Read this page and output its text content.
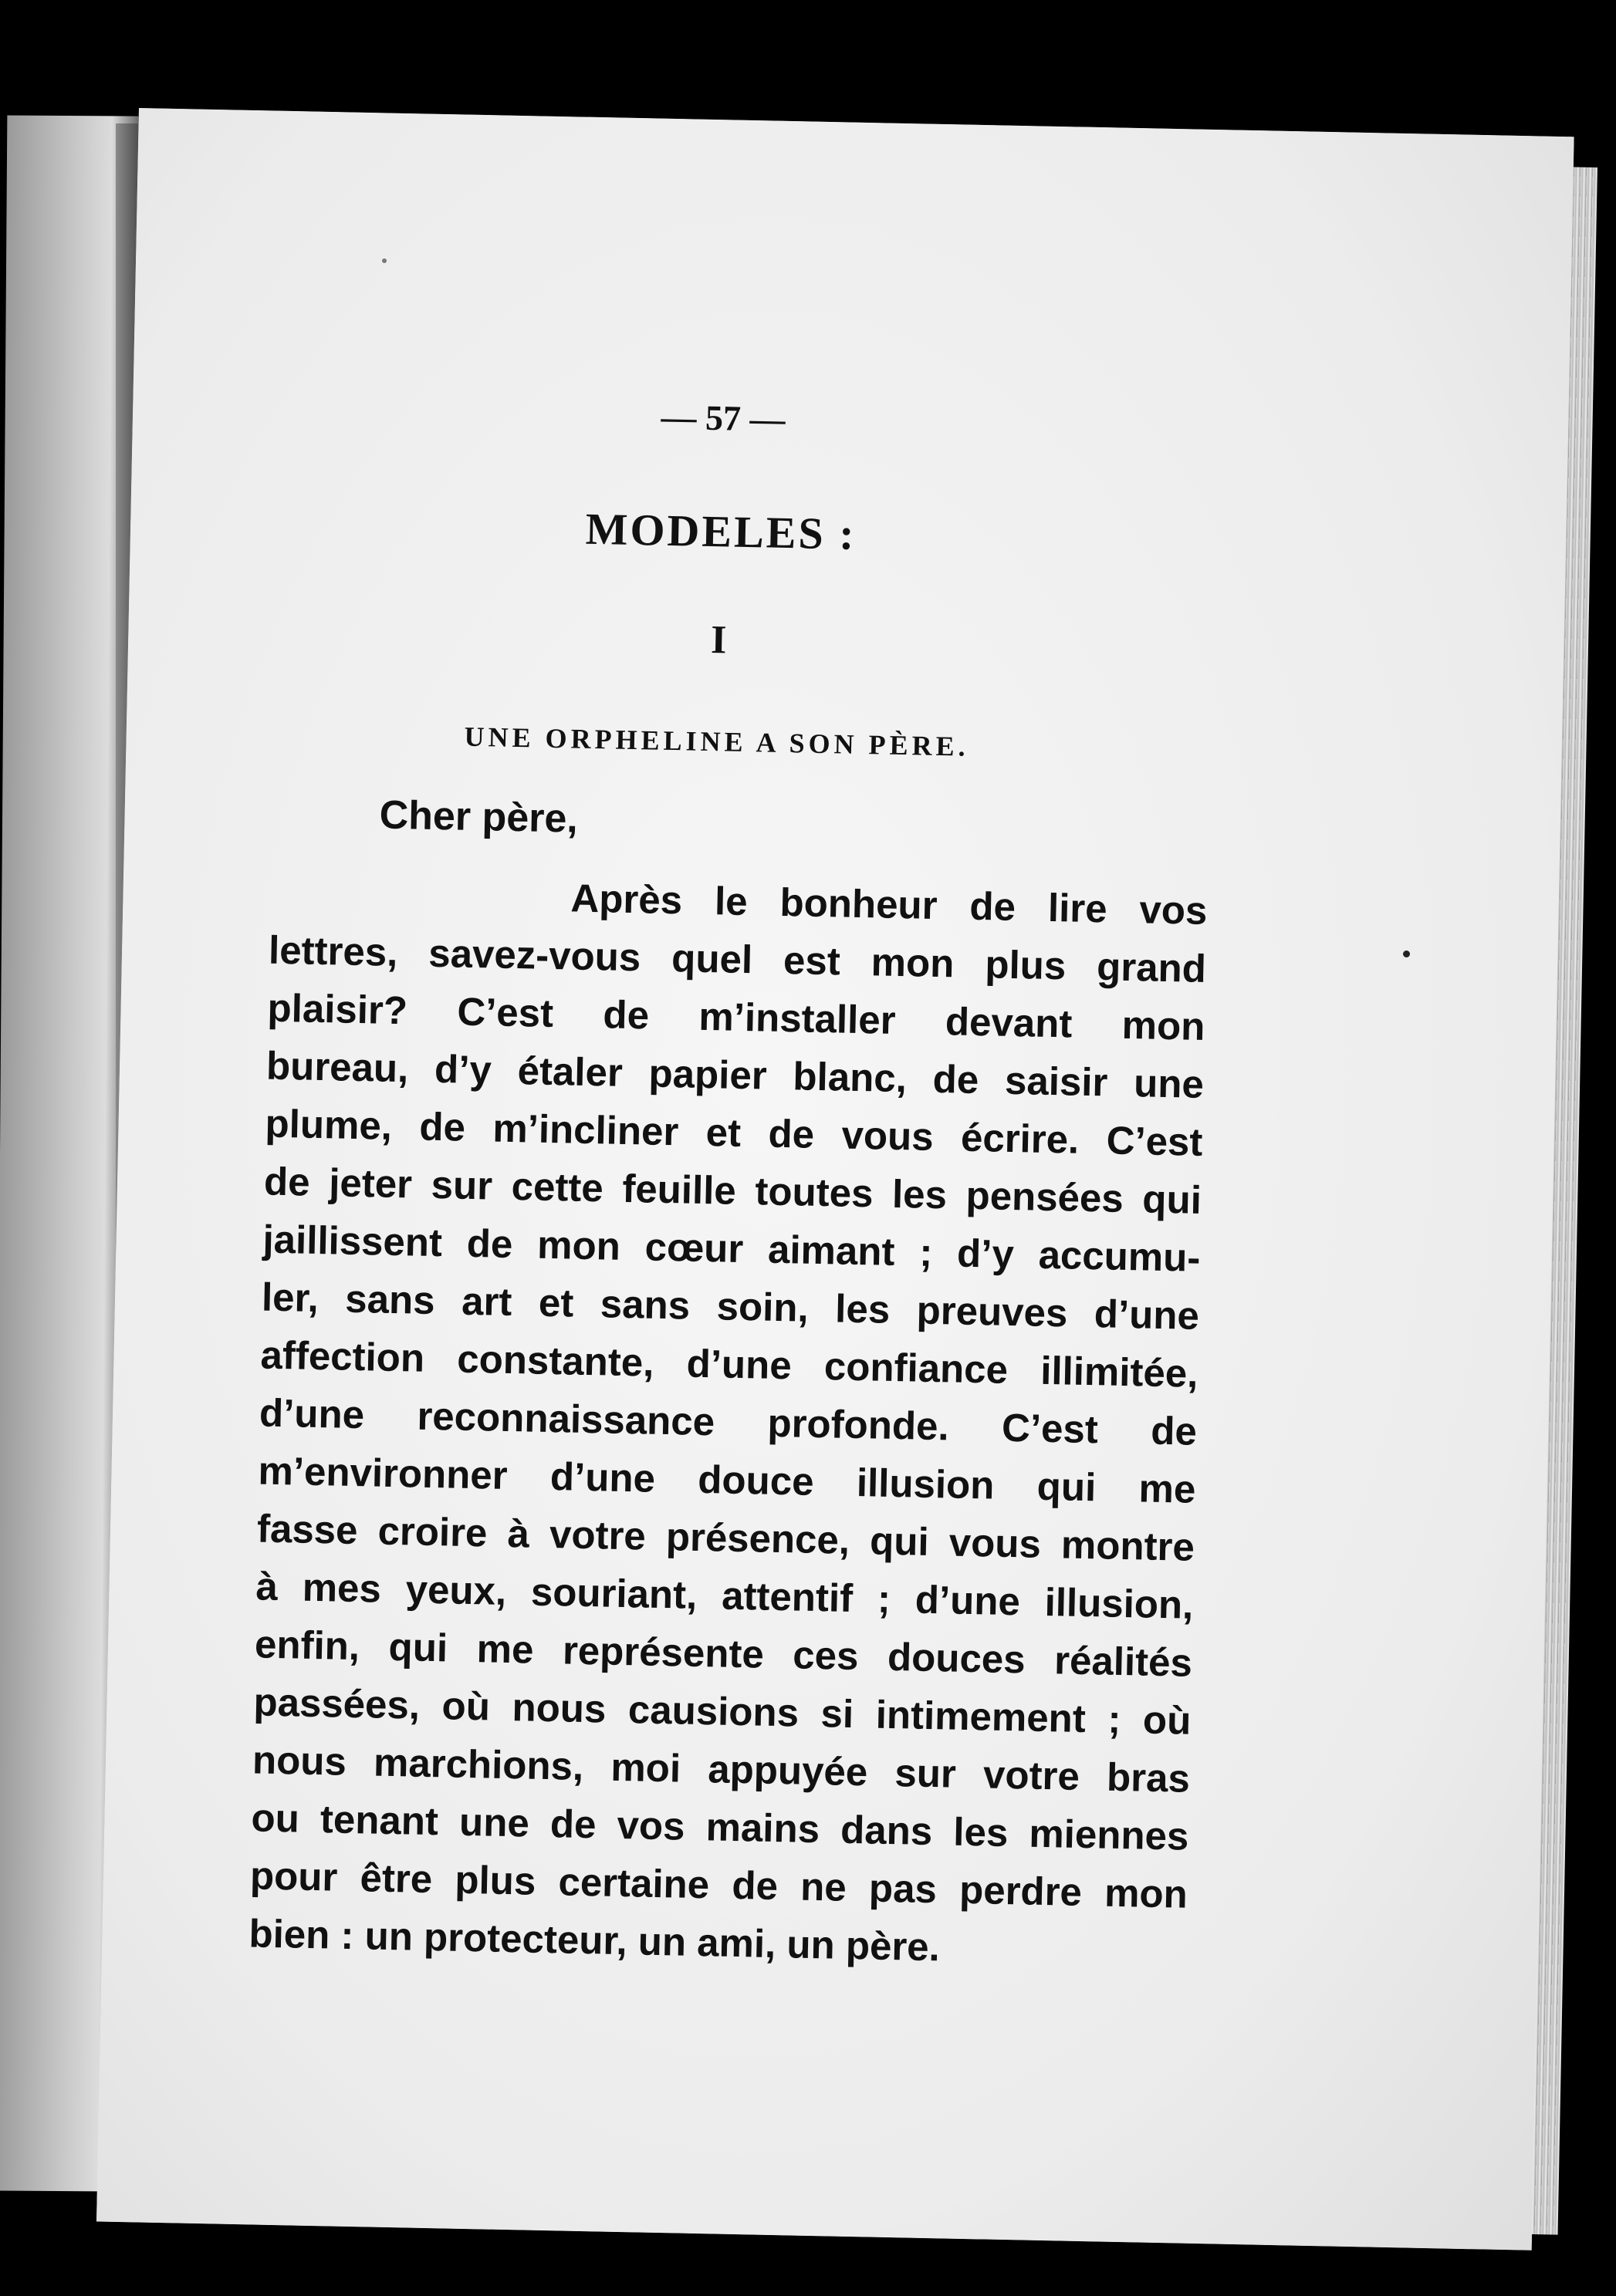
— 57 —
MODELES :
I
UNE ORPHELINE A SON PÈRE.
Cher père,
Après le bonheur de lire vos
lettres, savez-vous quel est mon plus grand
plaisir? C’est de m’installer devant mon
bureau, d’y étaler papier blanc, de saisir une
plume, de m’incliner et de vous écrire. C’est
de jeter sur cette feuille toutes les pensées qui
jaillissent de mon cœur aimant ; d’y accumu-
ler, sans art et sans soin, les preuves d’une
affection constante, d’une confiance illimitée,
d’une reconnaissance profonde. C’est de
m’environner d’une douce illusion qui me
fasse croire à votre présence, qui vous montre
à mes yeux, souriant, attentif ; d’une illusion,
enfin, qui me représente ces douces réalités
passées, où nous causions si intimement ; où
nous marchions, moi appuyée sur votre bras
ou tenant une de vos mains dans les miennes
pour être plus certaine de ne pas perdre mon
bien : un protecteur, un ami, un père.
